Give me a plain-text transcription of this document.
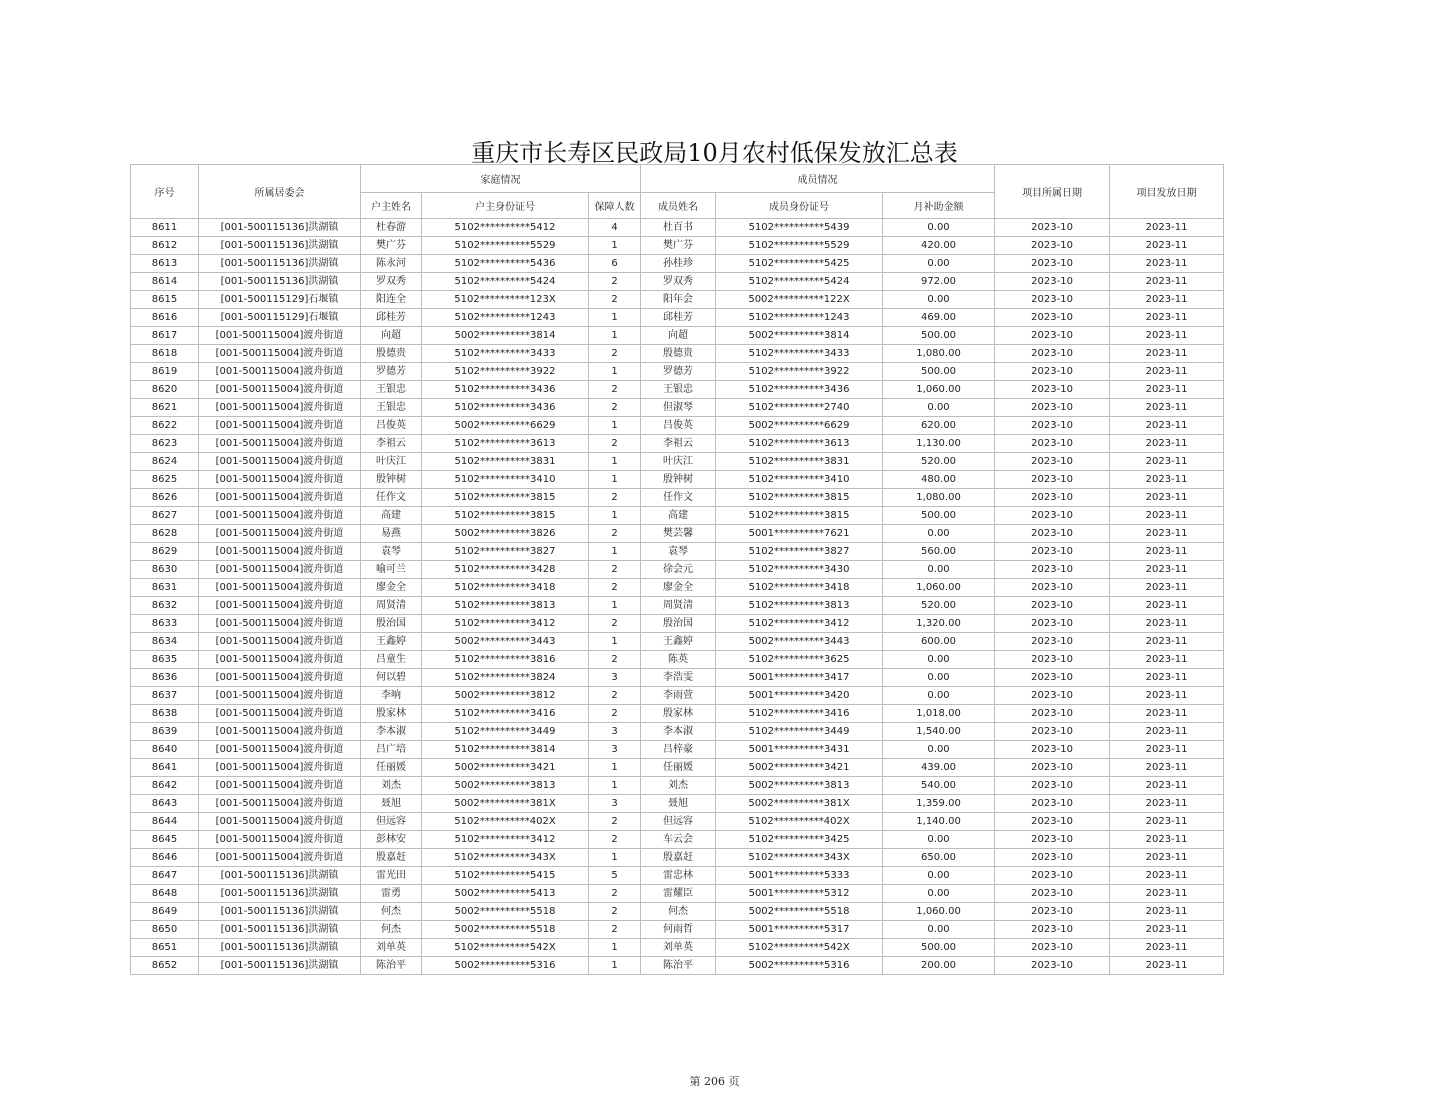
重庆市长寿区民政局10月农村低保发放汇总表
序号	所属居委会	家庭情况			成员情况			项目所属日期	项目发放日期
		户主姓名	户主身份证号	保障人数	成员姓名	成员身份证号	月补助金额		
8611	[001-500115136]洪湖镇	杜春游	5102**********5412	4	杜百书	5102**********5439	0.00	2023-10	2023-11
8612	[001-500115136]洪湖镇	樊广芬	5102**********5529	1	樊广芬	5102**********5529	420.00	2023-10	2023-11
8613	[001-500115136]洪湖镇	陈永河	5102**********5436	6	孙桂珍	5102**********5425	0.00	2023-10	2023-11
8614	[001-500115136]洪湖镇	罗双秀	5102**********5424	2	罗双秀	5102**********5424	972.00	2023-10	2023-11
8615	[001-500115129]石堰镇	阳连全	5102**********123X	2	阳年会	5002**********122X	0.00	2023-10	2023-11
8616	[001-500115129]石堰镇	邱桂芳	5102**********1243	1	邱桂芳	5102**********1243	469.00	2023-10	2023-11
8617	[001-500115004]渡舟街道	向超	5002**********3814	1	向超	5002**********3814	500.00	2023-10	2023-11
8618	[001-500115004]渡舟街道	殷德贵	5102**********3433	2	殷德贵	5102**********3433	1,080.00	2023-10	2023-11
8619	[001-500115004]渡舟街道	罗德芳	5102**********3922	1	罗德芳	5102**********3922	500.00	2023-10	2023-11
8620	[001-500115004]渡舟街道	王银忠	5102**********3436	2	王银忠	5102**********3436	1,060.00	2023-10	2023-11
8621	[001-500115004]渡舟街道	王银忠	5102**********3436	2	但淑琴	5102**********2740	0.00	2023-10	2023-11
8622	[001-500115004]渡舟街道	吕俊英	5002**********6629	1	吕俊英	5002**********6629	620.00	2023-10	2023-11
8623	[001-500115004]渡舟街道	李祖云	5102**********3613	2	李祖云	5102**********3613	1,130.00	2023-10	2023-11
8624	[001-500115004]渡舟街道	叶庆江	5102**********3831	1	叶庆江	5102**********3831	520.00	2023-10	2023-11
8625	[001-500115004]渡舟街道	殷钟树	5102**********3410	1	殷钟树	5102**********3410	480.00	2023-10	2023-11
8626	[001-500115004]渡舟街道	任作文	5102**********3815	2	任作文	5102**********3815	1,080.00	2023-10	2023-11
8627	[001-500115004]渡舟街道	高建	5102**********3815	1	高建	5102**********3815	500.00	2023-10	2023-11
8628	[001-500115004]渡舟街道	易燕	5002**********3826	2	樊芸馨	5001**********7621	0.00	2023-10	2023-11
8629	[001-500115004]渡舟街道	袁琴	5102**********3827	1	袁琴	5102**********3827	560.00	2023-10	2023-11
8630	[001-500115004]渡舟街道	喻可兰	5102**********3428	2	徐会元	5102**********3430	0.00	2023-10	2023-11
8631	[001-500115004]渡舟街道	廖金全	5102**********3418	2	廖金全	5102**********3418	1,060.00	2023-10	2023-11
8632	[001-500115004]渡舟街道	周贤清	5102**********3813	1	周贤清	5102**********3813	520.00	2023-10	2023-11
8633	[001-500115004]渡舟街道	殷治国	5102**********3412	2	殷治国	5102**********3412	1,320.00	2023-10	2023-11
8634	[001-500115004]渡舟街道	王鑫婷	5002**********3443	1	王鑫婷	5002**********3443	600.00	2023-10	2023-11
8635	[001-500115004]渡舟街道	吕童生	5102**********3816	2	陈英	5102**********3625	0.00	2023-10	2023-11
8636	[001-500115004]渡舟街道	何以碧	5102**********3824	3	李浩雯	5001**********3417	0.00	2023-10	2023-11
8637	[001-500115004]渡舟街道	李响	5002**********3812	2	李雨萱	5001**********3420	0.00	2023-10	2023-11
8638	[001-500115004]渡舟街道	殷家林	5102**********3416	2	殷家林	5102**********3416	1,018.00	2023-10	2023-11
8639	[001-500115004]渡舟街道	李本淑	5102**********3449	3	李本淑	5102**********3449	1,540.00	2023-10	2023-11
8640	[001-500115004]渡舟街道	吕广培	5102**********3814	3	吕梓豪	5001**********3431	0.00	2023-10	2023-11
8641	[001-500115004]渡舟街道	任丽媛	5002**********3421	1	任丽媛	5002**********3421	439.00	2023-10	2023-11
8642	[001-500115004]渡舟街道	刘杰	5002**********3813	1	刘杰	5002**********3813	540.00	2023-10	2023-11
8643	[001-500115004]渡舟街道	聂旭	5002**********381X	3	聂旭	5002**********381X	1,359.00	2023-10	2023-11
8644	[001-500115004]渡舟街道	但远容	5102**********402X	2	但远容	5102**********402X	1,140.00	2023-10	2023-11
8645	[001-500115004]渡舟街道	彭林安	5102**********3412	2	车云会	5102**********3425	0.00	2023-10	2023-11
8646	[001-500115004]渡舟街道	殷嘉赶	5102**********343X	1	殷嘉赶	5102**********343X	650.00	2023-10	2023-11
8647	[001-500115136]洪湖镇	雷光田	5102**********5415	5	雷忠林	5001**********5333	0.00	2023-10	2023-11
8648	[001-500115136]洪湖镇	雷勇	5002**********5413	2	雷耀臣	5001**********5312	0.00	2023-10	2023-11
8649	[001-500115136]洪湖镇	何杰	5002**********5518	2	何杰	5002**********5518	1,060.00	2023-10	2023-11
8650	[001-500115136]洪湖镇	何杰	5002**********5518	2	何雨哲	5001**********5317	0.00	2023-10	2023-11
8651	[001-500115136]洪湖镇	刘单英	5102**********542X	1	刘单英	5102**********542X	500.00	2023-10	2023-11
8652	[001-500115136]洪湖镇	陈治平	5002**********5316	1	陈治平	5002**********5316	200.00	2023-10	2023-11
第 206 页
